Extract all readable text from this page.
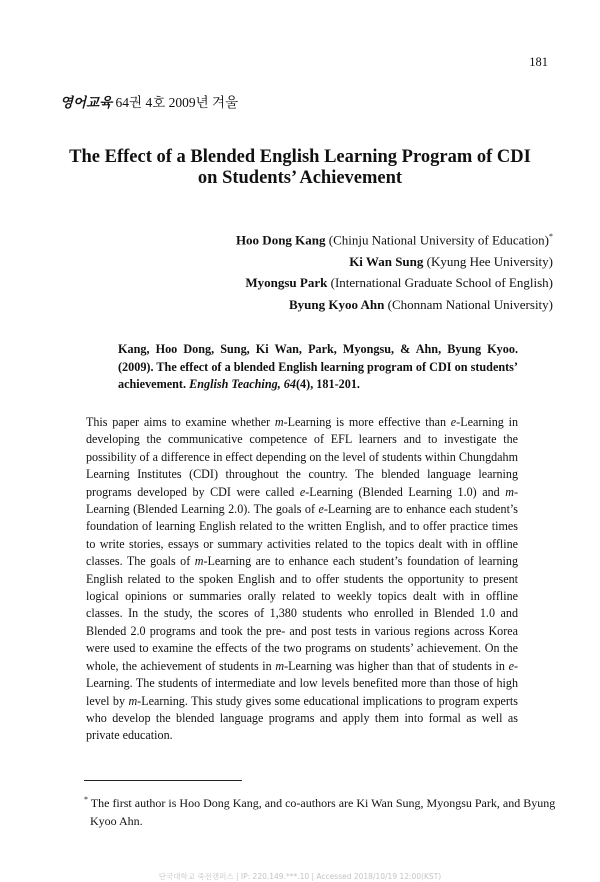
181
영어교육 64권 4호 2009년 겨울
The Effect of a Blended English Learning Program of CDI
on Students’ Achievement
Hoo Dong Kang (Chinju National University of Education)*
Ki Wan Sung (Kyung Hee University)
Myongsu Park (International Graduate School of English)
Byung Kyoo Ahn (Chonnam National University)
Kang, Hoo Dong, Sung, Ki Wan, Park, Myongsu, & Ahn, Byung Kyoo. (2009). The effect of a blended English learning program of CDI on students’ achievement. English Teaching, 64(4), 181-201.
This paper aims to examine whether m-Learning is more effective than e-Learning in developing the communicative competence of EFL learners and to investigate the possibility of a difference in effect depending on the level of students within Chungdahm Learning Institutes (CDI) throughout the country. The blended language learning programs developed by CDI were called e-Learning (Blended Learning 1.0) and m-Learning (Blended Learning 2.0). The goals of e-Learning are to enhance each student’s foundation of learning English related to the written English, and to offer practice times to write stories, essays or summary activities related to the topics dealt with in offline classes. The goals of m-Learning are to enhance each student’s foundation of learning English related to the spoken English and to offer students the opportunity to present logical opinions or summaries orally related to weekly topics dealt with in offline classes. In the study, the scores of 1,380 students who enrolled in Blended 1.0 and Blended 2.0 programs and took the pre- and post tests in various regions across Korea were used to examine the effects of the two programs on students’ achievement. On the whole, the achievement of students in m-Learning was higher than that of students in e-Learning. The students of intermediate and low levels benefited more than those of high level by m-Learning. This study gives some educational implications to program experts who develop the blended language programs and apply them into formal as well as private education.
* The first author is Hoo Dong Kang, and co-authors are Ki Wan Sung, Myongsu Park, and Byung Kyoo Ahn.
단국대학교 죽전캠퍼스 | IP: 220.149.***.10 | Accessed 2018/10/19 12:00(KST)
